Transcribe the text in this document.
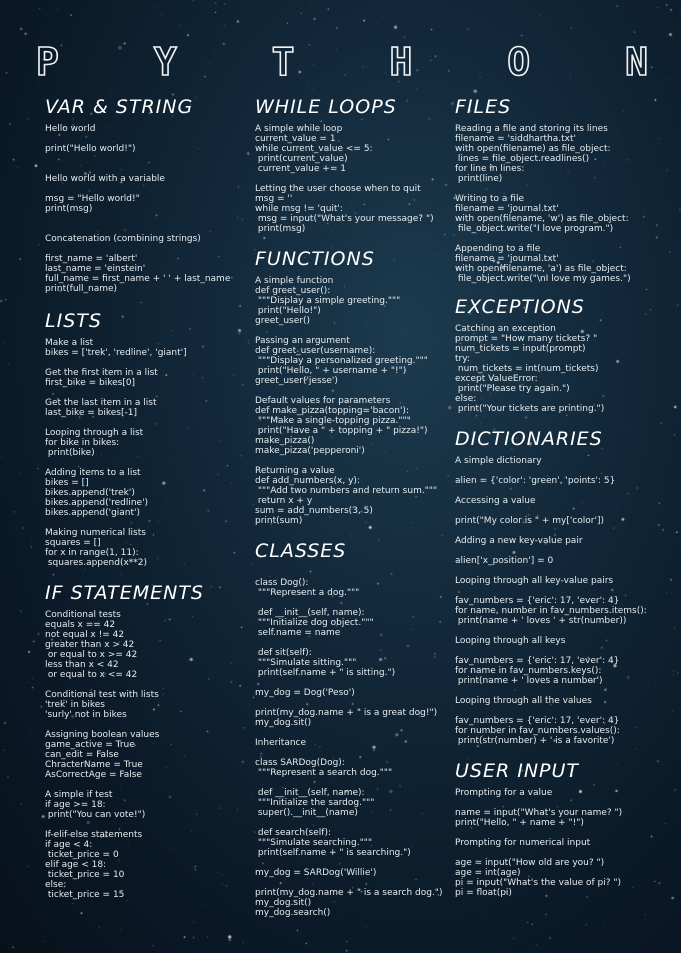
P Y T H O N
VAR & STRING
Hello world
print("Hello world!")
Hello world with a variable
msg = "Hello world!"
print(msg)
Concatenation (combining strings)
first_name = 'albert'
last_name = 'einstein'
full_name = first_name + ' ' + last_name
print(full_name)
LISTS
Make a list
bikes = ['trek', 'redline', 'giant']
Get the first item in a list
first_bike = bikes[0]
Get the last item in a list
last_bike = bikes[-1]
Looping through a list
for bike in bikes:
print(bike)
Adding items to a list
bikes = []
bikes.append('trek')
bikes.append('redline')
bikes.append('giant')
Making numerical lists
squares = []
for x in range(1, 11):
squares.append(x**2)
IF STATEMENTS
Conditional tests
equals x == 42
not equal x != 42
greater than x > 42
or equal to x >= 42
less than x < 42
or equal to x <= 42
Conditional test with lists
'trek' in bikes
'surly' not in bikes
Assigning boolean values
game_active = True
can_edit = False
ChracterName = True
AsCorrectAge = False
A simple if test
if age >= 18:
print("You can vote!")
If-elif-else statements
if age < 4:
ticket_price = 0
elif age < 18:
ticket_price = 10
else:
ticket_price = 15
WHILE LOOPS
A simple while loop
current_value = 1
while current_value <= 5:
print(current_value)
current_value += 1
Letting the user choose when to quit
msg = ''
while msg != 'quit':
msg = input("What's your message? ")
print(msg)
FUNCTIONS
A simple function
def greet_user():
"""Display a simple greeting."""
print("Hello!")
greet_user()
Passing an argument
def greet_user(username):
"""Display a personalized greeting."""
print("Hello, " + username + "!")
greet_user('jesse')
Default values for parameters
def make_pizza(topping='bacon'):
"""Make a single-topping pizza."""
print("Have a " + topping + " pizza!")
make_pizza()
make_pizza('pepperoni')
Returning a value
def add_numbers(x, y):
"""Add two numbers and return sum."""
return x + y
sum = add_numbers(3, 5)
print(sum)
CLASSES
class Dog():
"""Represent a dog."""
def __init__(self, name):
"""Initialize dog object."""
self.name = name
def sit(self):
"""Simulate sitting."""
print(self.name + " is sitting.")
my_dog = Dog('Peso')
print(my_dog.name + " is a great dog!")
my_dog.sit()
Inheritance
class SARDog(Dog):
"""Represent a search dog."""
def __init__(self, name):
"""Initialize the sardog."""
super().__init__(name)
def search(self):
"""Simulate searching."""
print(self.name + " is searching.")
my_dog = SARDog('Willie')
print(my_dog.name + " is a search dog.")
my_dog.sit()
my_dog.search()
FILES
Reading a file and storing its lines
filename = 'siddhartha.txt'
with open(filename) as file_object:
lines = file_object.readlines()
for line in lines:
print(line)
Writing to a file
filename = 'journal.txt'
with open(filename, 'w') as file_object:
file_object.write("I love program.")
Appending to a file
filename = 'journal.txt'
with open(filename, 'a') as file_object:
file_object.write("\nI love my games.")
EXCEPTIONS
Catching an exception
prompt = "How many tickets? "
num_tickets = input(prompt)
try:
num_tickets = int(num_tickets)
except ValueError:
print("Please try again.")
else:
print("Your tickets are printing.")
DICTIONARIES
A simple dictionary
alien = {'color': 'green', 'points': 5}
Accessing a value
print("My color is " + my['color'])
Adding a new key-value pair
alien['x_position'] = 0
Looping through all key-value pairs
fav_numbers = {'eric': 17, 'ever': 4}
for name, number in fav_numbers.items():
print(name + ' loves ' + str(number))
Looping through all keys
fav_numbers = {'eric': 17, 'ever': 4}
for name in fav_numbers.keys():
print(name + ' loves a number')
Looping through all the values
fav_numbers = {'eric': 17, 'ever': 4}
for number in fav_numbers.values():
print(str(number) + ' is a favorite')
USER INPUT
Prompting for a value
name = input("What's your name? ")
print("Hello, " + name + "!")
Prompting for numerical input
age = input("How old are you? ")
age = int(age)
pi = input("What's the value of pi? ")
pi = float(pi)
